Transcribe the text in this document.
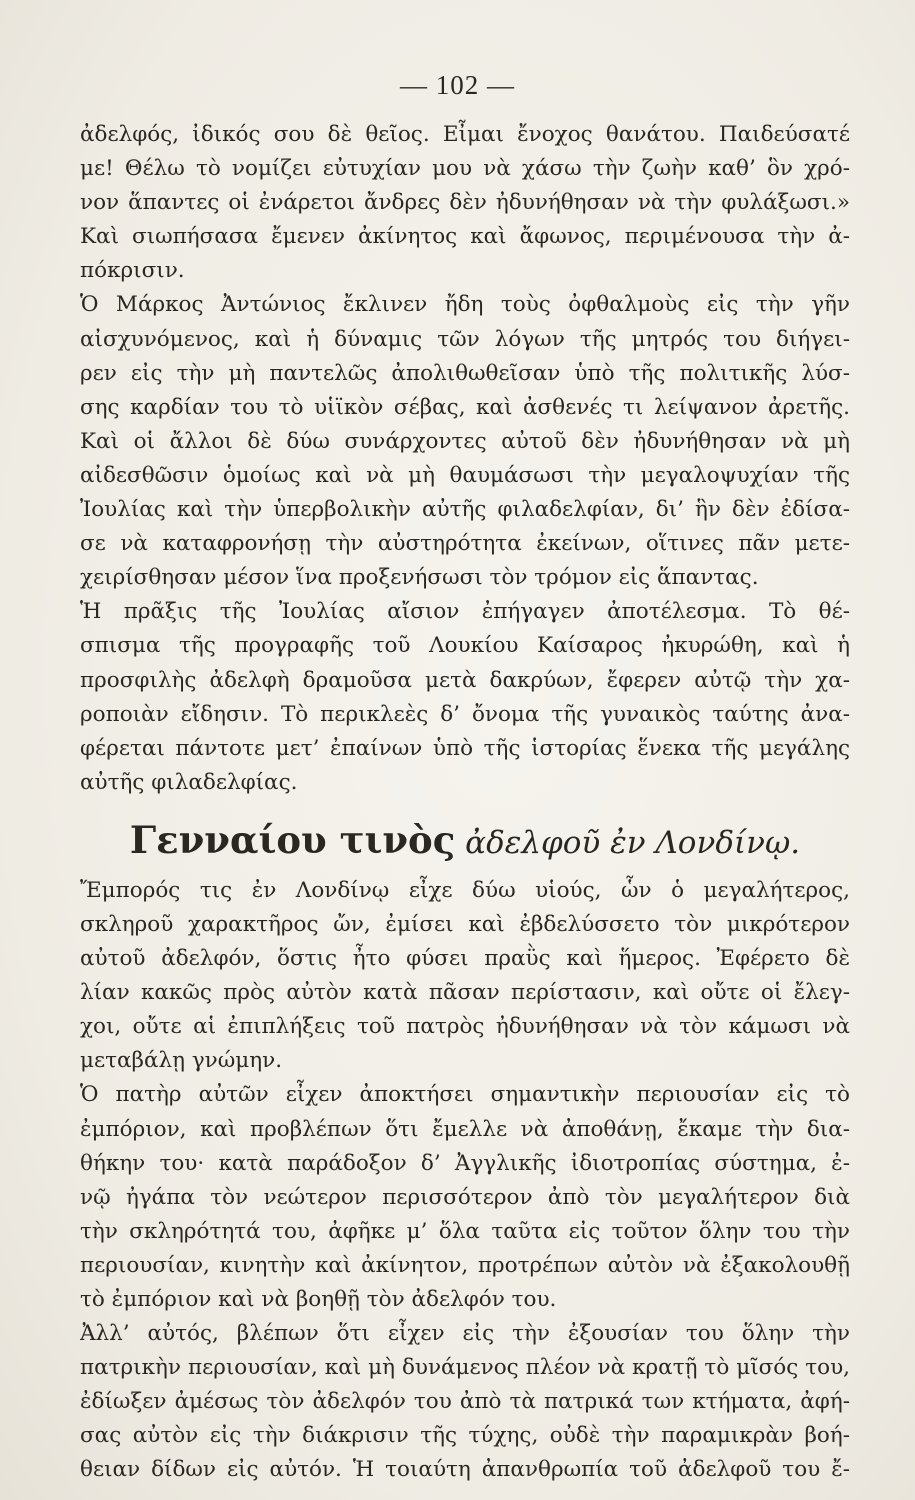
— 102 —
ἀδελφός, ἰδικός σου δὲ θεῖος. Εἶμαι ἔνοχος θανάτου. Παιδεύσατέ
με! Θέλω τὸ νομίζει εὐτυχίαν μου νὰ χάσω τὴν ζωὴν καθ’ ὃν χρό-
νον ἅπαντες οἱ ἐνάρετοι ἄνδρες δὲν ἠδυνήθησαν νὰ τὴν φυλάξωσι.»
Καὶ σιωπήσασα ἔμενεν ἀκίνητος καὶ ἄφωνος, περιμένουσα τὴν ἀ-
πόκρισιν.
Ὁ Μάρκος Ἀντώνιος ἔκλινεν ἤδη τοὺς ὀφθαλμοὺς εἰς τὴν γῆν
αἰσχυνόμενος, καὶ ἡ δύναμις τῶν λόγων τῆς μητρός του διήγει-
ρεν εἰς τὴν μὴ παντελῶς ἀπολιθωθεῖσαν ὑπὸ τῆς πολιτικῆς λύσ-
σης καρδίαν του τὸ υἱϊκὸν σέβας, καὶ ἀσθενές τι λείψανον ἀρετῆς.
Καὶ οἱ ἄλλοι δὲ δύω συνάρχοντες αὐτοῦ δὲν ἠδυνήθησαν νὰ μὴ
αἰδεσθῶσιν ὁμοίως καὶ νὰ μὴ θαυμάσωσι τὴν μεγαλοψυχίαν τῆς
Ἰουλίας καὶ τὴν ὑπερβολικὴν αὐτῆς φιλαδελφίαν, δι’ ἣν δὲν ἐδίσα-
σε νὰ καταφρονήσῃ τὴν αὐστηρότητα ἐκείνων, οἵτινες πᾶν μετε-
χειρίσθησαν μέσον ἵνα προξενήσωσι τὸν τρόμον εἰς ἅπαντας.
Ἡ πρᾶξις τῆς Ἰουλίας αἴσιον ἐπήγαγεν ἀποτέλεσμα. Τὸ θέ-
σπισμα τῆς προγραφῆς τοῦ Λουκίου Καίσαρος ἠκυρώθη, καὶ ἡ
προσφιλὴς ἀδελφὴ δραμοῦσα μετὰ δακρύων, ἔφερεν αὐτῷ τὴν χα-
ροποιὰν εἴδησιν. Τὸ περικλεὲς δ’ ὄνομα τῆς γυναικὸς ταύτης ἀνα-
φέρεται πάντοτε μετ’ ἐπαίνων ὑπὸ τῆς ἱστορίας ἕνεκα τῆς μεγάλης
αὐτῆς φιλαδελφίας.
Γενναίου τινὸς ἀδελφοῦ ἐν Λονδίνῳ.
Ἔμπορός τις ἐν Λονδίνῳ εἶχε δύω υἱούς, ὧν ὁ μεγαλήτερος,
σκληροῦ χαρακτῆρος ὤν, ἐμίσει καὶ ἐβδελύσσετο τὸν μικρότερον
αὐτοῦ ἀδελφόν, ὅστις ἦτο φύσει πραῢς καὶ ἥμερος. Ἐφέρετο δὲ
λίαν κακῶς πρὸς αὐτὸν κατὰ πᾶσαν περίστασιν, καὶ οὔτε οἱ ἔλεγ-
χοι, οὔτε αἱ ἐπιπλήξεις τοῦ πατρὸς ἠδυνήθησαν νὰ τὸν κάμωσι νὰ
μεταβάλῃ γνώμην.
Ὁ πατὴρ αὐτῶν εἶχεν ἀποκτήσει σημαντικὴν περιουσίαν εἰς τὸ
ἐμπόριον, καὶ προβλέπων ὅτι ἔμελλε νὰ ἀποθάνῃ, ἔκαμε τὴν δια-
θήκην του· κατὰ παράδοξον δ’ Ἀγγλικῆς ἰδιοτροπίας σύστημα, ἐ-
νῷ ἠγάπα τὸν νεώτερον περισσότερον ἀπὸ τὸν μεγαλήτερον διὰ
τὴν σκληρότητά του, ἀφῆκε μ’ ὅλα ταῦτα εἰς τοῦτον ὅλην του τὴν
περιουσίαν, κινητὴν καὶ ἀκίνητον, προτρέπων αὐτὸν νὰ ἐξακολουθῇ
τὸ ἐμπόριον καὶ νὰ βοηθῇ τὸν ἀδελφόν του.
Ἀλλ’ αὐτός, βλέπων ὅτι εἶχεν εἰς τὴν ἐξουσίαν του ὅλην τὴν
πατρικὴν περιουσίαν, καὶ μὴ δυνάμενος πλέον νὰ κρατῇ τὸ μῖσός του,
ἐδίωξεν ἀμέσως τὸν ἀδελφόν του ἀπὸ τὰ πατρικά των κτήματα, ἀφή-
σας αὐτὸν εἰς τὴν διάκρισιν τῆς τύχης, οὐδὲ τὴν παραμικρὰν βοή-
θειαν δίδων εἰς αὐτόν. Ἡ τοιαύτη ἀπανθρωπία τοῦ ἀδελφοῦ του ἔ-
